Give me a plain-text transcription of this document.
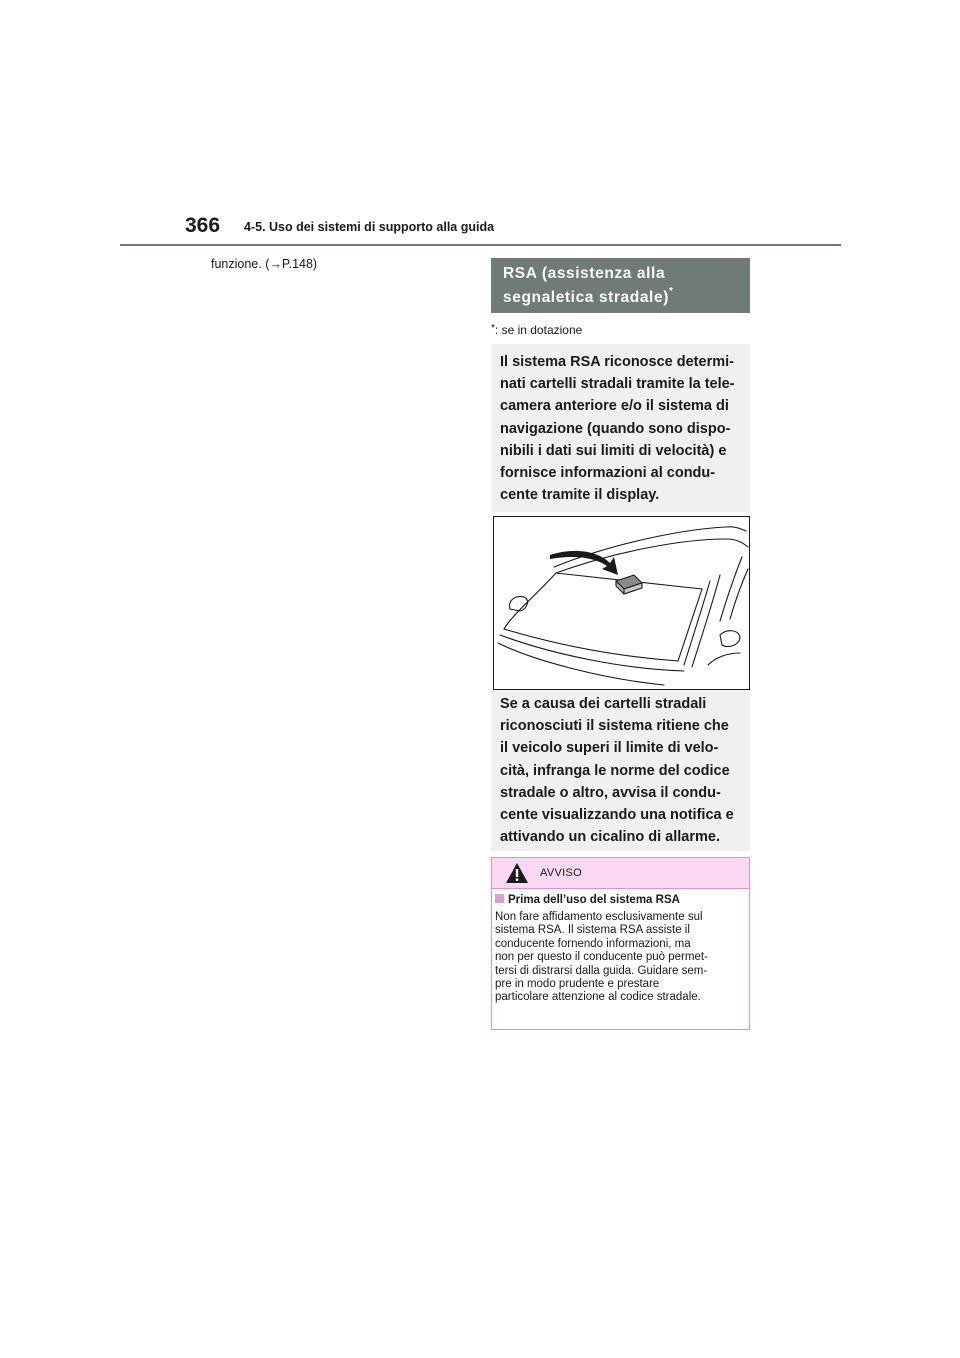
366 4-5. Uso dei sistemi di supporto alla guida
funzione. (→P.148)
RSA (assistenza alla
segnaletica stradale)*
*: se in dotazione

Il sistema RSA riconosce determi-
nati cartelli stradali tramite la tele-
camera anteriore e/o il sistema di
navigazione (quando sono dispo-
nibili i dati sui limiti di velocità) e
fornisce informazioni al condu-
cente tramite il display.

Se a causa dei cartelli stradali
riconosciuti il sistema ritiene che
il veicolo superi il limite di velo-
cità, infranga le norme del codice
stradale o altro, avvisa il condu-
cente visualizzando una notifica e
attivando un cicalino di allarme.

AVVISO
Prima dell’uso del sistema RSA

Non fare affidamento esclusivamente sul
sistema RSA. Il sistema RSA assiste il
conducente fornendo informazioni, ma
non per questo il conducente può permet-
tersi di distrarsi dalla guida. Guidare sem-
pre in modo prudente e prestare
particolare attenzione al codice stradale.
